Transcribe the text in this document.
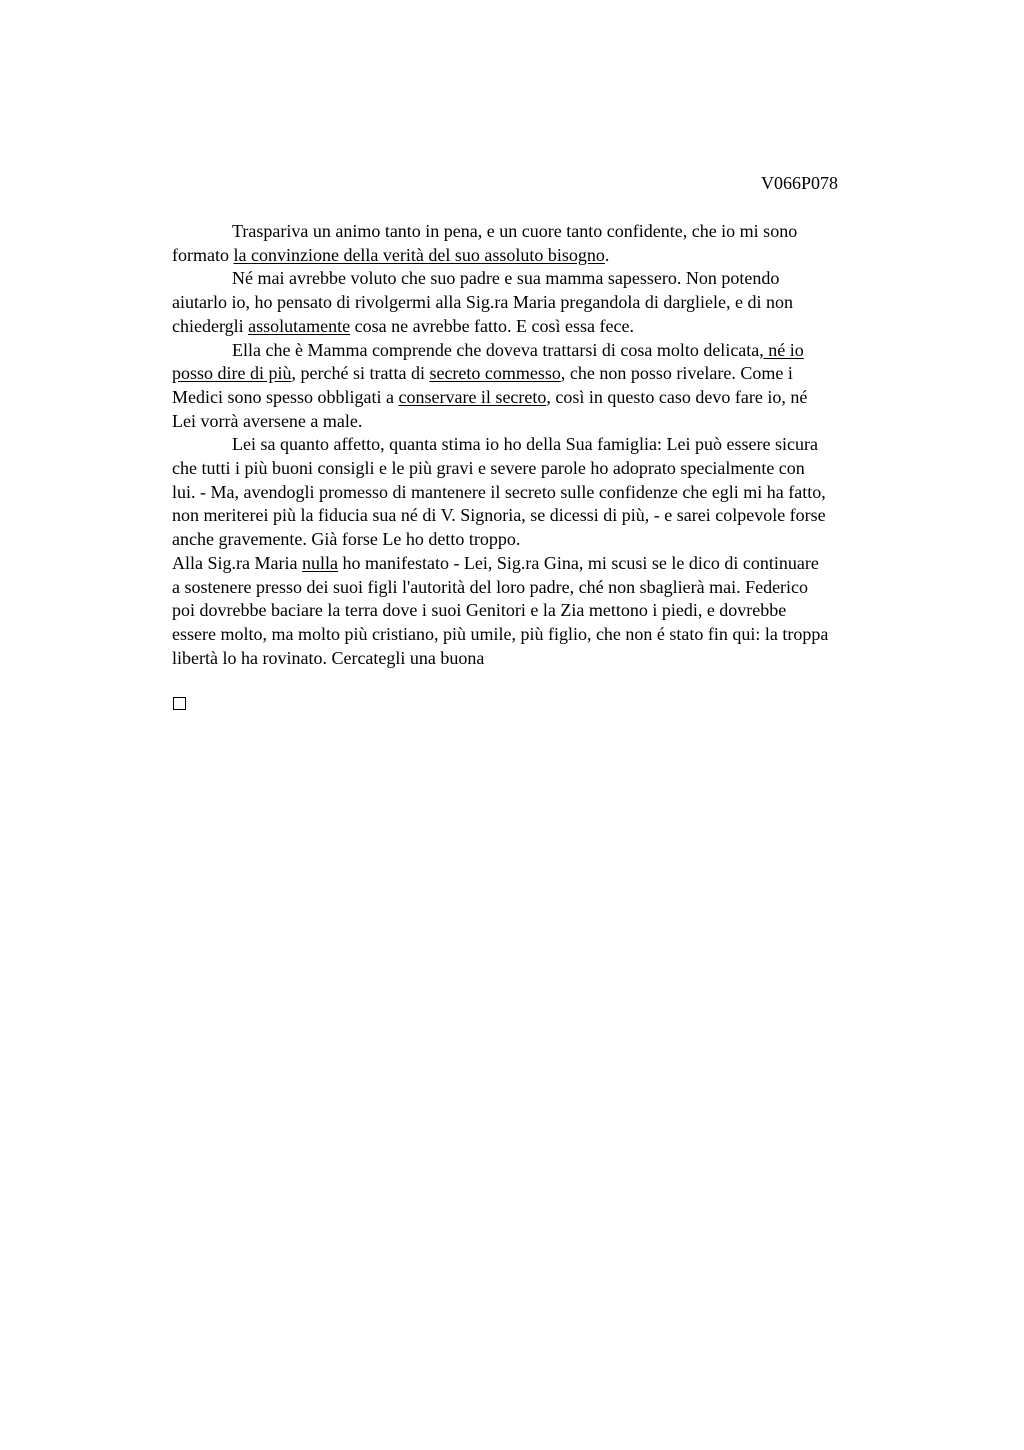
V066P078
Traspariva un animo tanto in pena, e un cuore tanto confidente, che io mi sono
formato la convinzione della verità del suo assoluto bisogno.
Né mai avrebbe voluto che suo padre e sua mamma sapessero. Non potendo
aiutarlo io, ho pensato di rivolgermi alla Sig.ra Maria pregandola di dargliele, e di non
chiedergli assolutamente cosa ne avrebbe fatto. E così essa fece.
Ella che è Mamma comprende che doveva trattarsi di cosa molto delicata, né io
posso dire di più, perché si tratta di secreto commesso, che non posso rivelare. Come i
Medici sono spesso obbligati a conservare il secreto, così in questo caso devo fare io, né
Lei vorrà aversene a male.
Lei sa quanto affetto, quanta stima io ho della Sua famiglia: Lei può essere sicura
che tutti i più buoni consigli e le più gravi e severe parole ho adoprato specialmente con
lui. - Ma, avendogli promesso di mantenere il secreto sulle confidenze che egli mi ha fatto,
non meriterei più la fiducia sua né di V. Signoria, se dicessi di più, - e sarei colpevole forse
anche gravemente. Già forse Le ho detto troppo.
Alla Sig.ra Maria nulla ho manifestato - Lei, Sig.ra Gina, mi scusi se le dico di continuare
a sostenere presso dei suoi figli l'autorità del loro padre, ché non sbaglierà mai. Federico
poi dovrebbe baciare la terra dove i suoi Genitori e la Zia mettono i piedi, e dovrebbe
essere molto, ma molto più cristiano, più umile, più figlio, che non é stato fin qui: la troppa
libertà lo ha rovinato. Cercategli una buona
